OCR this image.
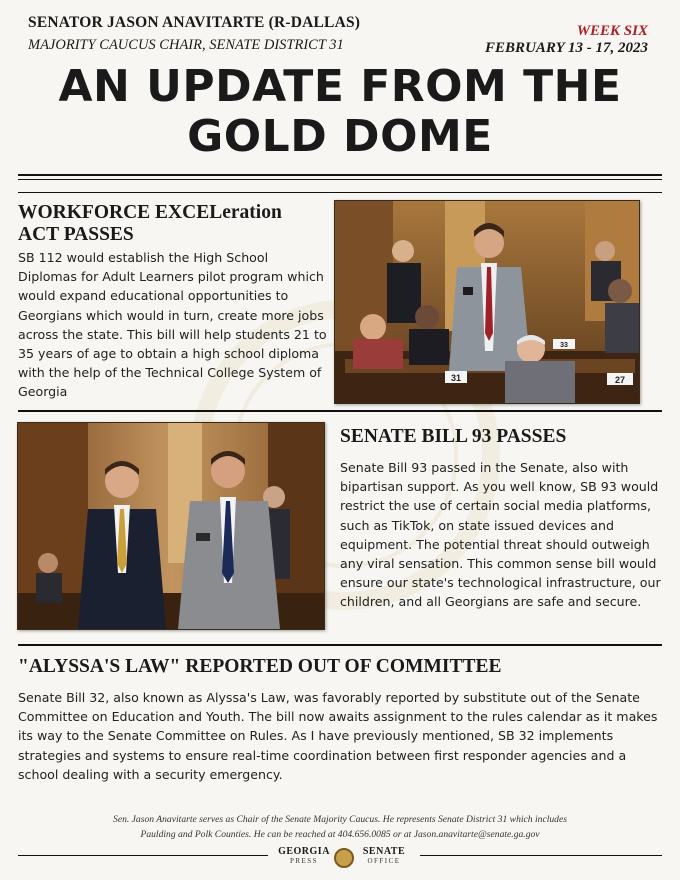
SENATOR JASON ANAVITARTE (R-DALLAS)
MAJORITY CAUCUS CHAIR, SENATE DISTRICT 31
WEEK SIX
FEBRUARY 13 - 17, 2023
AN UPDATE FROM THE
GOLD DOME
WORKFORCE EXCELeration
ACT PASSES
SB 112 would establish the High School Diplomas for Adult Learners pilot program which would expand educational opportunities to Georgians which would in turn, create more jobs across the state. This bill will help students 21 to 35 years of age to obtain a high school diploma with the help of the Technical College System of Georgia
31	27
33
SENATE BILL 93 PASSES
Senate Bill 93 passed in the Senate, also with bipartisan support. As you well know, SB 93 would restrict the use of certain social media platforms, such as TikTok, on state issued devices and equipment. The potential threat should outweigh any viral sensation. This common sense bill would ensure our state's technological infrastructure, our children, and all Georgians are safe and secure.
"ALYSSA'S LAW" REPORTED OUT OF COMMITTEE
Senate Bill 32, also known as Alyssa's Law, was favorably reported by substitute out of the Senate Committee on Education and Youth. The bill now awaits assignment to the rules calendar as it makes its way to the Senate Committee on Rules. As I have previously mentioned, SB 32 implements strategies and systems to ensure real-time coordination between first responder agencies and a school dealing with a security emergency.
Sen. Jason Anavitarte serves as Chair of the Senate Majority Caucus. He represents Senate District 31 which includes
Paulding and Polk Counties. He can be reached at 404.656.0085 or at Jason.anavitarte@senate.ga.gov
GEORGIA
PRESS
SENATE
OFFICE
